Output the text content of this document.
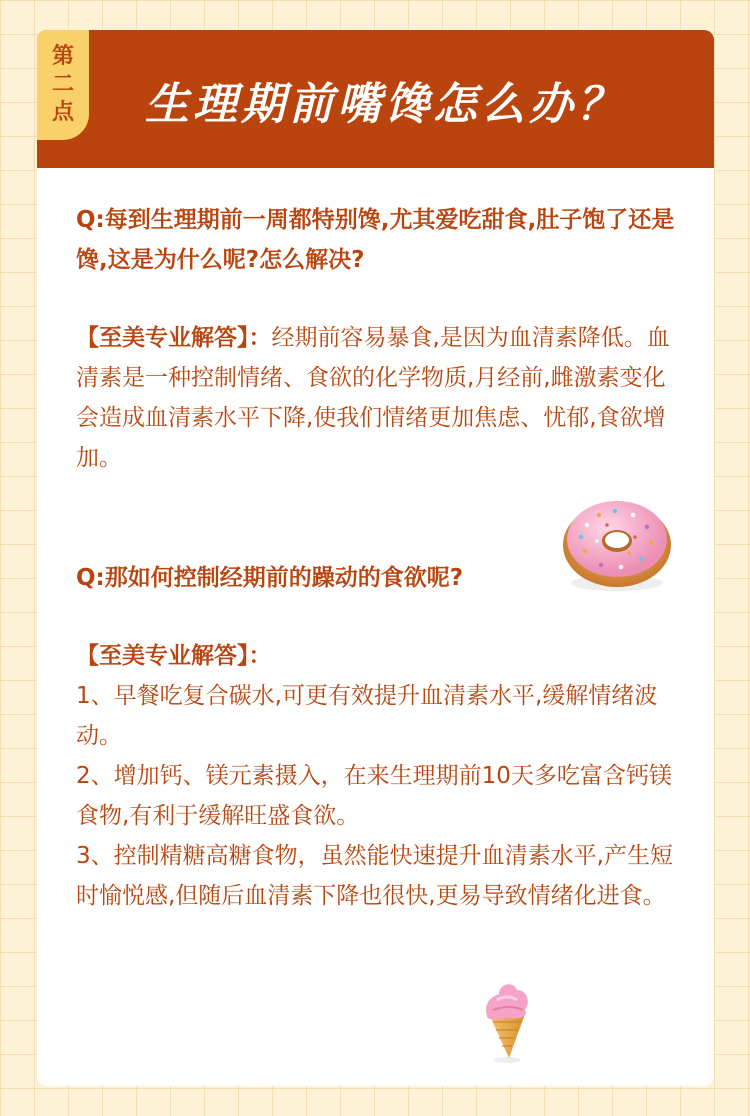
第
二
点 生理期前嘴馋怎么办？

Q:每到生理期前一周都特别馋,尤其爱吃甜食,肚子饱了还是馋,这是为什么呢?怎么解决?

【至美专业解答】：经期前容易暴食,是因为血清素降低。血清素是一种控制情绪、食欲的化学物质,月经前,雌激素变化会造成血清素水平下降,使我们情绪更加焦虑、忧郁,食欲增加。

Q:那如何控制经期前的躁动的食欲呢?

【至美专业解答】：

1、早餐吃复合碳水,可更有效提升血清素水平,缓解情绪波动。

2、增加钙、镁元素摄入，在来生理期前10天多吃富含钙镁食物,有利于缓解旺盛食欲。

3、控制精糖高糖食物，虽然能快速提升血清素水平,产生短时愉悦感,但随后血清素下降也很快,更易导致情绪化进食。
